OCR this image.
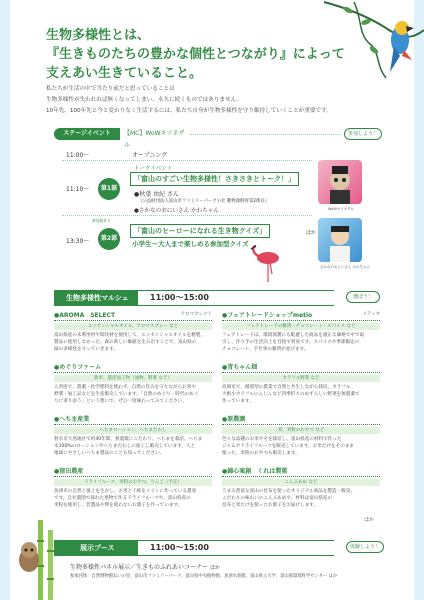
生物多様性とは、
『生きものたちの豊かな個性とつながり』によって
支えあい生きていること。
私たちが生活の中で当たり前だと思っていることは
生物多様性が失われれば無くなってしまい、永久に続くものではありません。
10年先、100年先と今と変わりなく生活するには、私たち自身が生物多様性を守り維持していくことが重要です。
ステージイベント	【MC】WoWキツネザル
参加しよう！
11:00～	オープニング
11:10～	第1部
トークイベント
「富山のすごい生物多様性！さきさきとトーク！」
●秋葉 由紀 さん
（公益財団法人富山市ファミリーパーク公社 動物課飼育第2係長）
●さかなのおにいさん かわちゃん	WoWキツネザル
13:30～	第2部
参加賞あり
「富山のヒーローになれる生き物クイズ」	ほか
小学生～大人まで楽しめる参加型クイズ
さかなのおにいさん かわちゃん
生物多様性マルシェ	11:00～15:00	選ぼう！
●AROMA　SELECT	アロマセレクト
エッセンシャルオイル、アロマスプレー など
富山県産の未利用材や間伐材を使用して、エッセンシャルオイルを精製。
製品に使用しなかった、森の新しい価値を生み出すことで、富山県の
緑の多様性を守っていきます。
●めぐりファーム
新米、農産加工物（油物、野菜 など）
入善町で、農薬・化学肥料を使わず、自然の営みを守りながらお米や
野菜・加工品などを生産販売しています。「自然のめぐり・時代のめぐ
りに寄り添う」という想いで、ぜひ一度味わってみてください。
●へちま産業
へちまローション、へちまたわし
射水市大島地区で約40年間、無農薬にこだわり、へちまを栽培。へちま
水100%のローションやへちまたわしに加工し販売しています。人と
地球にやさしいへちま製品のことも知ってください。
●窪田農産
ドライフルーツ、米粉のおやつ、りんご（予定）
魚津市の自然と風土を生かし、お米と干柿をメインに作っている農家
です。自社農園で採れた果物で作るドライフルーツや、富山県産の
米粉を使用し、乳製品や卵を使わないお菓子を作っています。
●フェアトレードショップmetio	メティオ
フェアトレードの雑貨・チョコレート・スパイス など
フェアトレードは、環境保護にも配慮した商品を適正な価格で中で取
引し、作り手の生活向上を目指す貿易です。スパイスや季節限定の
チョコレート、手仕事の雑貨が並びます。
●青ちゃん畑
カラフル野菜 など
高岡市で、循環型の農業で自然と共生しながら栽培。カラフル
大根やカラフルにんじんなど四季折々のめずらしい野菜を無農薬で
作っています。
●原農園
米、米粉のおやつ など
色々な品種のお米やそを栽培し、富山県産の材料で作った
ジャムやドライフルーツを販売しています。お米だけをそのまま
使った、米粉のおやつも販売します。
●錦心案創　くれは製菓
こんぶあめ など
うまみ豊富な富山の昆布を使ったオリジナル商品を製造・販売。
こだわりの味わいのこんぶあめや、材料は富山県産の
昆布と米だけを使ったお菓子をお届けします。
ほか
展示ブース	11:00～15:00	体験しよう！
生物多様性パネル展示／生きものふれあいコーナー ほか
参加団体：自然博物園ねいの里、富山市ファミリーパーク、富山県中央植物園、魚津水族館、富山県立大学、富山県環境科学センター ほか
